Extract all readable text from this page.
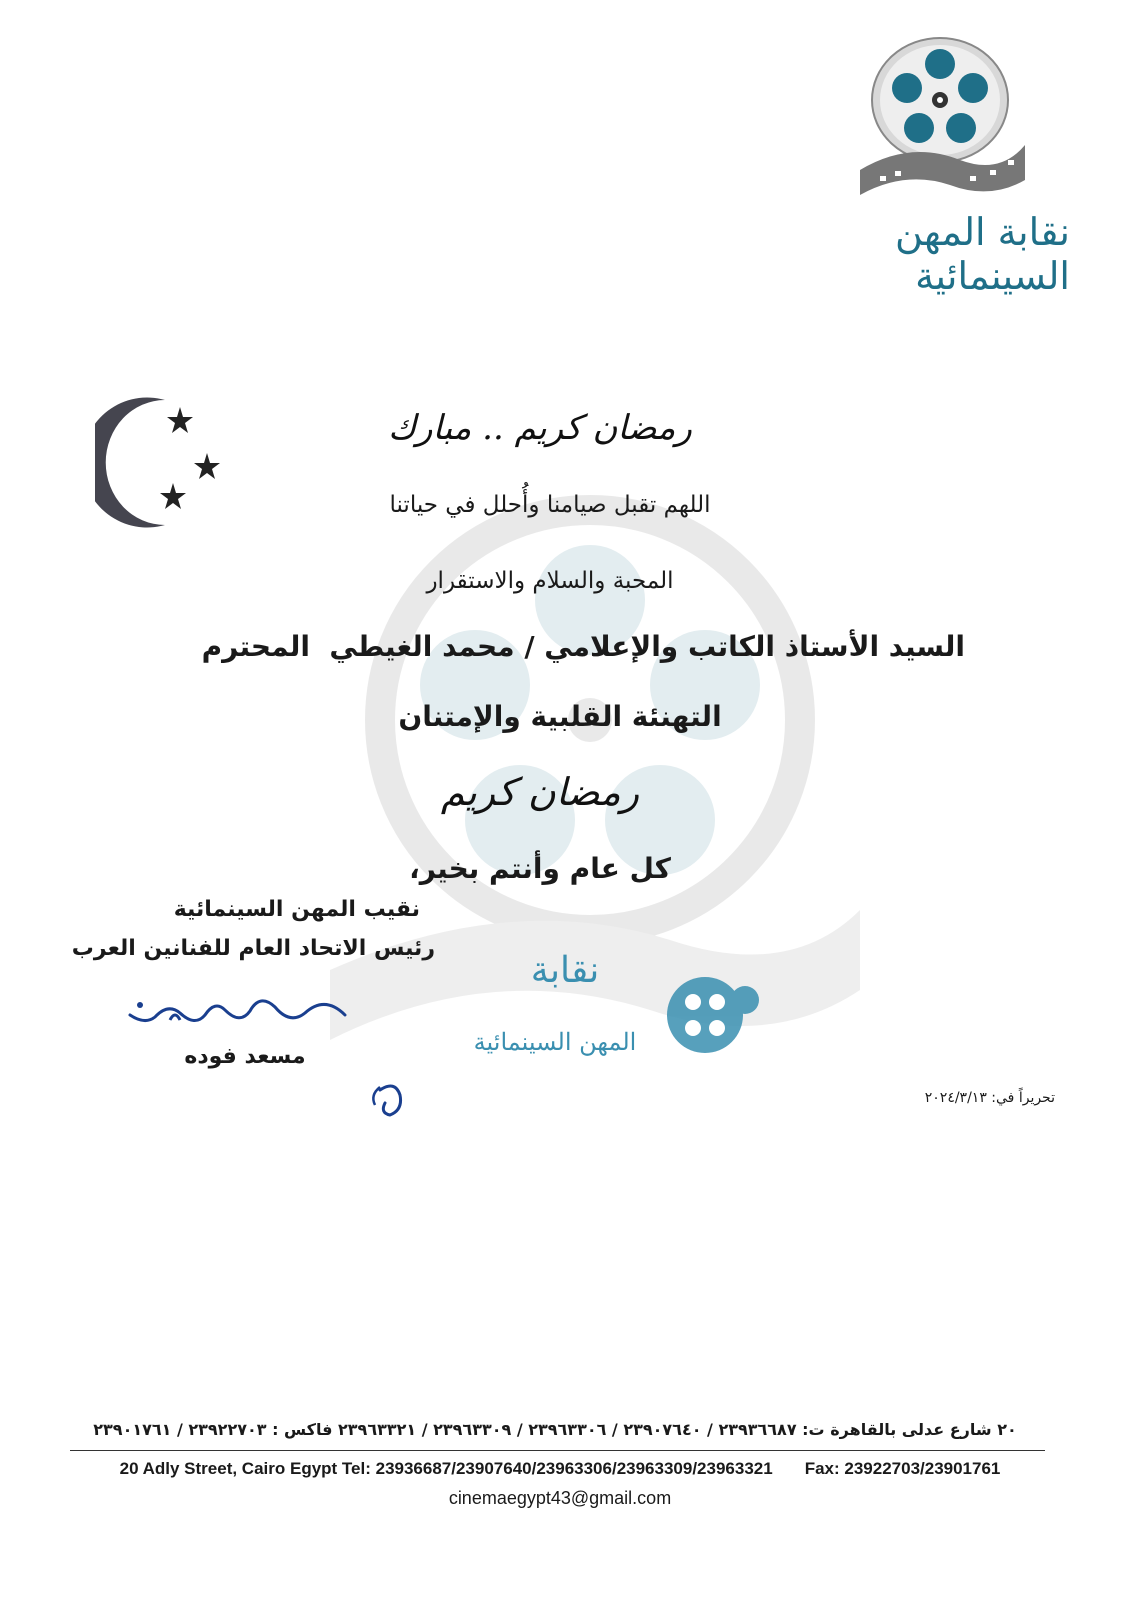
نقابة المهن السينمائية
رمضان كريم .. مبارك
اللهم تقبل صيامنا وأُحلل في حياتنا
المحبة والسلام والاستقرار
السيد الأستاذ الكاتب والإعلامي / محمد الغيطي
المحترم
التهنئة القلبية والإمتنان
رمضان كريم
كل عام وأنتم بخير،
نقيب المهن السينمائية
رئيس الاتحاد العام للفنانين العرب
مسعد فوده
نقابة
المهن السينمائية
تحريراً في: ٢٠٢٤/٣/١٣
٢٠ شارع عدلى بالقاهرة ت: ٢٣٩٣٦٦٨٧ / ٢٣٩٠٧٦٤٠ / ٢٣٩٦٣٣٠٦ / ٢٣٩٦٣٣٠٩ / ٢٣٩٦٣٣٢١ فاكس : ٢٣٩٢٢٧٠٣ / ٢٣٩٠١٧٦١
20 Adly Street, Cairo Egypt Tel: 23936687/23907640/23963306/23963309/23963321 Fax: 23922703/23901761
cinemaegypt43@gmail.com
